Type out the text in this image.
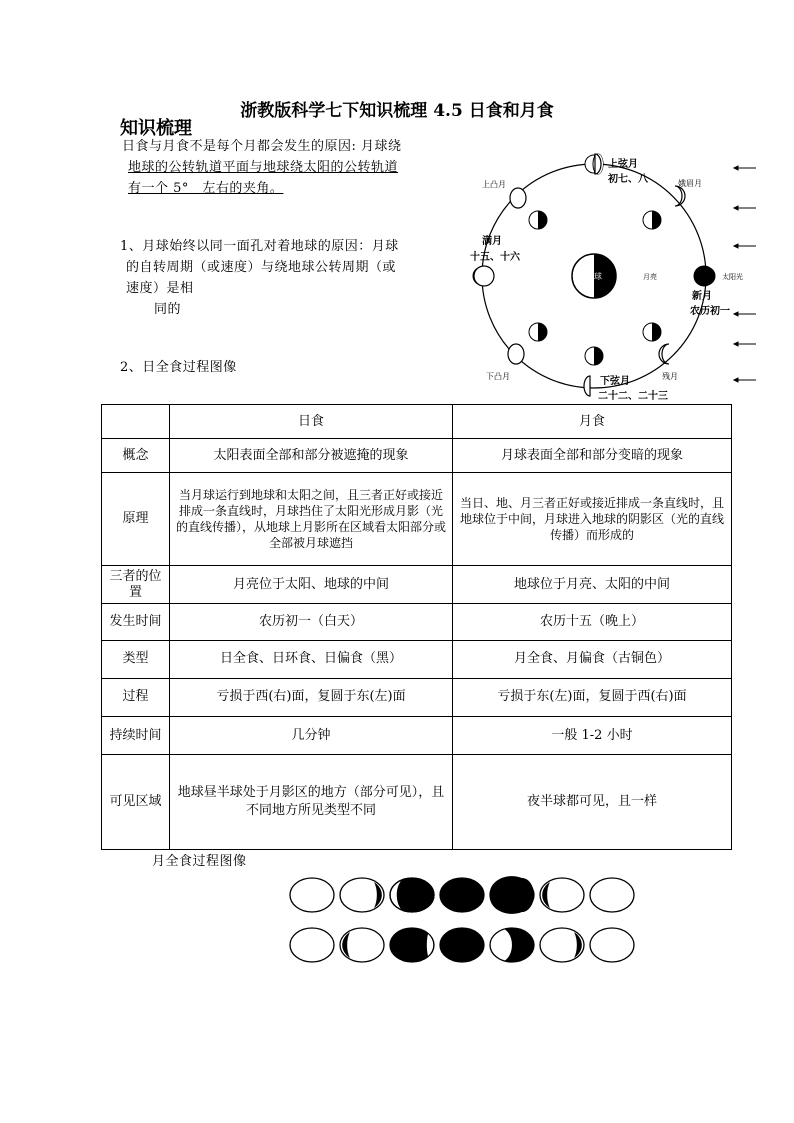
浙教版科学七下知识梳理 4.5 日食和月食
知识梳理
日食与月食不是每个月都会发生的原因: 月球绕
地球的公转轨道平面与地球绕太阳的公转轨道
有一个 5°　左右的夹角。
1、月球始终以同一面孔对着地球的原因：月球
的自转周期（或速度）与绕地球公转周期（或
速度）是相
同的
2、日全食过程图像
地球
上弦月
初七、八	娥眉月
上凸月
满月
十五、十六
月亮	太阳光
新月
农历初一
下凸月	残月
下弦月
二十二、二十三
	日食	月食
概念	太阳表面全部和部分被遮掩的现象	月球表面全部和部分变暗的现象
原理	当月球运行到地球和太阳之间，且三者正好或接近排成一条直线时，月球挡住了太阳光形成月影（光的直线传播），从地球上月影所在区域看太阳部分或全部被月球遮挡	当日、地、月三者正好或接近排成一条直线时，且地球位于中间，月球进入地球的阴影区（光的直线传播）而形成的
三者的位置	月亮位于太阳、地球的中间	地球位于月亮、太阳的中间
发生时间	农历初一（白天）	农历十五（晚上）
类型	日全食、日环食、日偏食（黑）	月全食、月偏食（古铜色）
过程	亏损于西(右)面，复圆于东(左)面	亏损于东(左)面，复圆于西(右)面
持续时间	几分钟	一般 1-2 小时
可见区域	地球昼半球处于月影区的地方（部分可见），且不同地方所见类型不同	夜半球都可见，且一样
月全食过程图像
